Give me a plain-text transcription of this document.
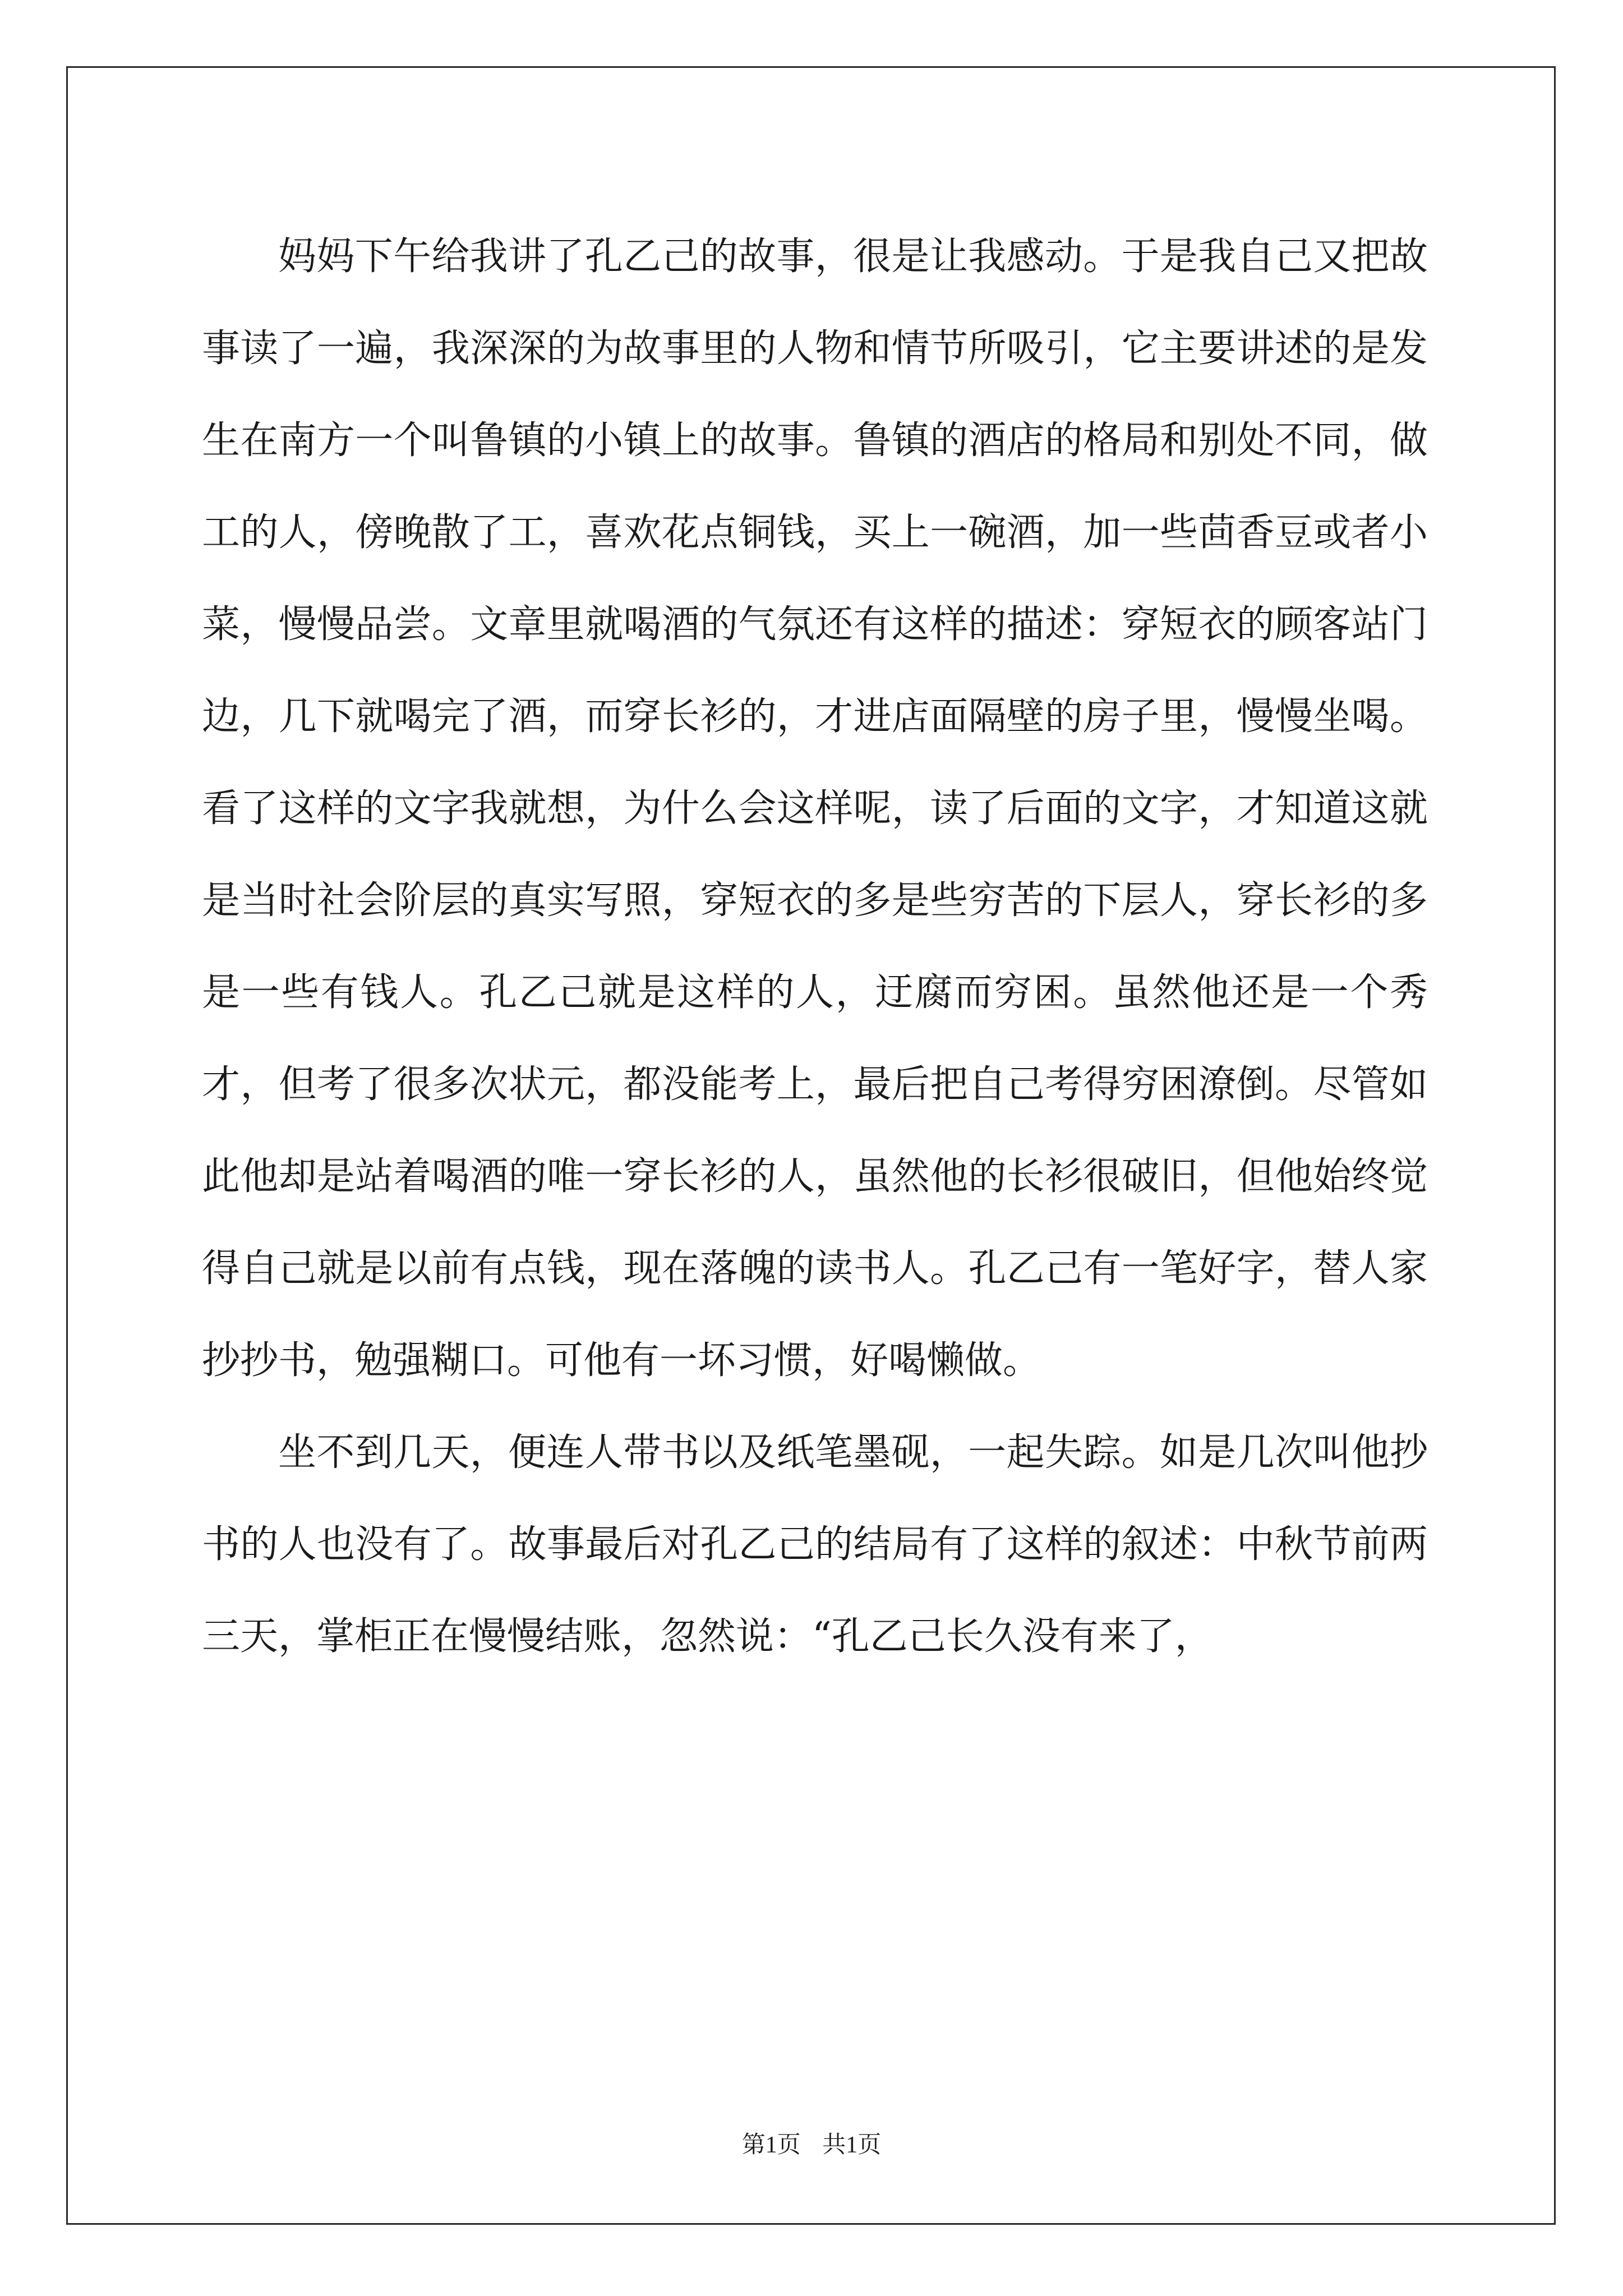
妈妈下午给我讲了孔乙己的故事，很是让我感动。于是我自己又把故事读了一遍，我深深的为故事里的人物和情节所吸引，它主要讲述的是发生在南方一个叫鲁镇的小镇上的故事。鲁镇的酒店的格局和别处不同，做工的人，傍晚散了工，喜欢花点铜钱，买上一碗酒，加一些茴香豆或者小菜，慢慢品尝。文章里就喝酒的气氛还有这样的描述：穿短衣的顾客站门边，几下就喝完了酒，而穿长衫的，才进店面隔壁的房子里，慢慢坐喝。看了这样的文字我就想，为什么会这样呢，读了后面的文字，才知道这就是当时社会阶层的真实写照，穿短衣的多是些穷苦的下层人，穿长衫的多是一些有钱人。孔乙己就是这样的人，迂腐而穷困。虽然他还是一个秀才，但考了很多次状元，都没能考上，最后把自己考得穷困潦倒。尽管如此他却是站着喝酒的唯一穿长衫的人，虽然他的长衫很破旧，但他始终觉得自己就是以前有点钱，现在落魄的读书人。孔乙己有一笔好字，替人家抄抄书，勉强糊口。可他有一坏习惯，好喝懒做。

坐不到几天，便连人带书以及纸笔墨砚，一起失踪。如是几次叫他抄书的人也没有了。故事最后对孔乙己的结局有了这样的叙述：中秋节前两三天，掌柜正在慢慢结账，忽然说：“孔乙己长久没有来了，

第1页 共1页
